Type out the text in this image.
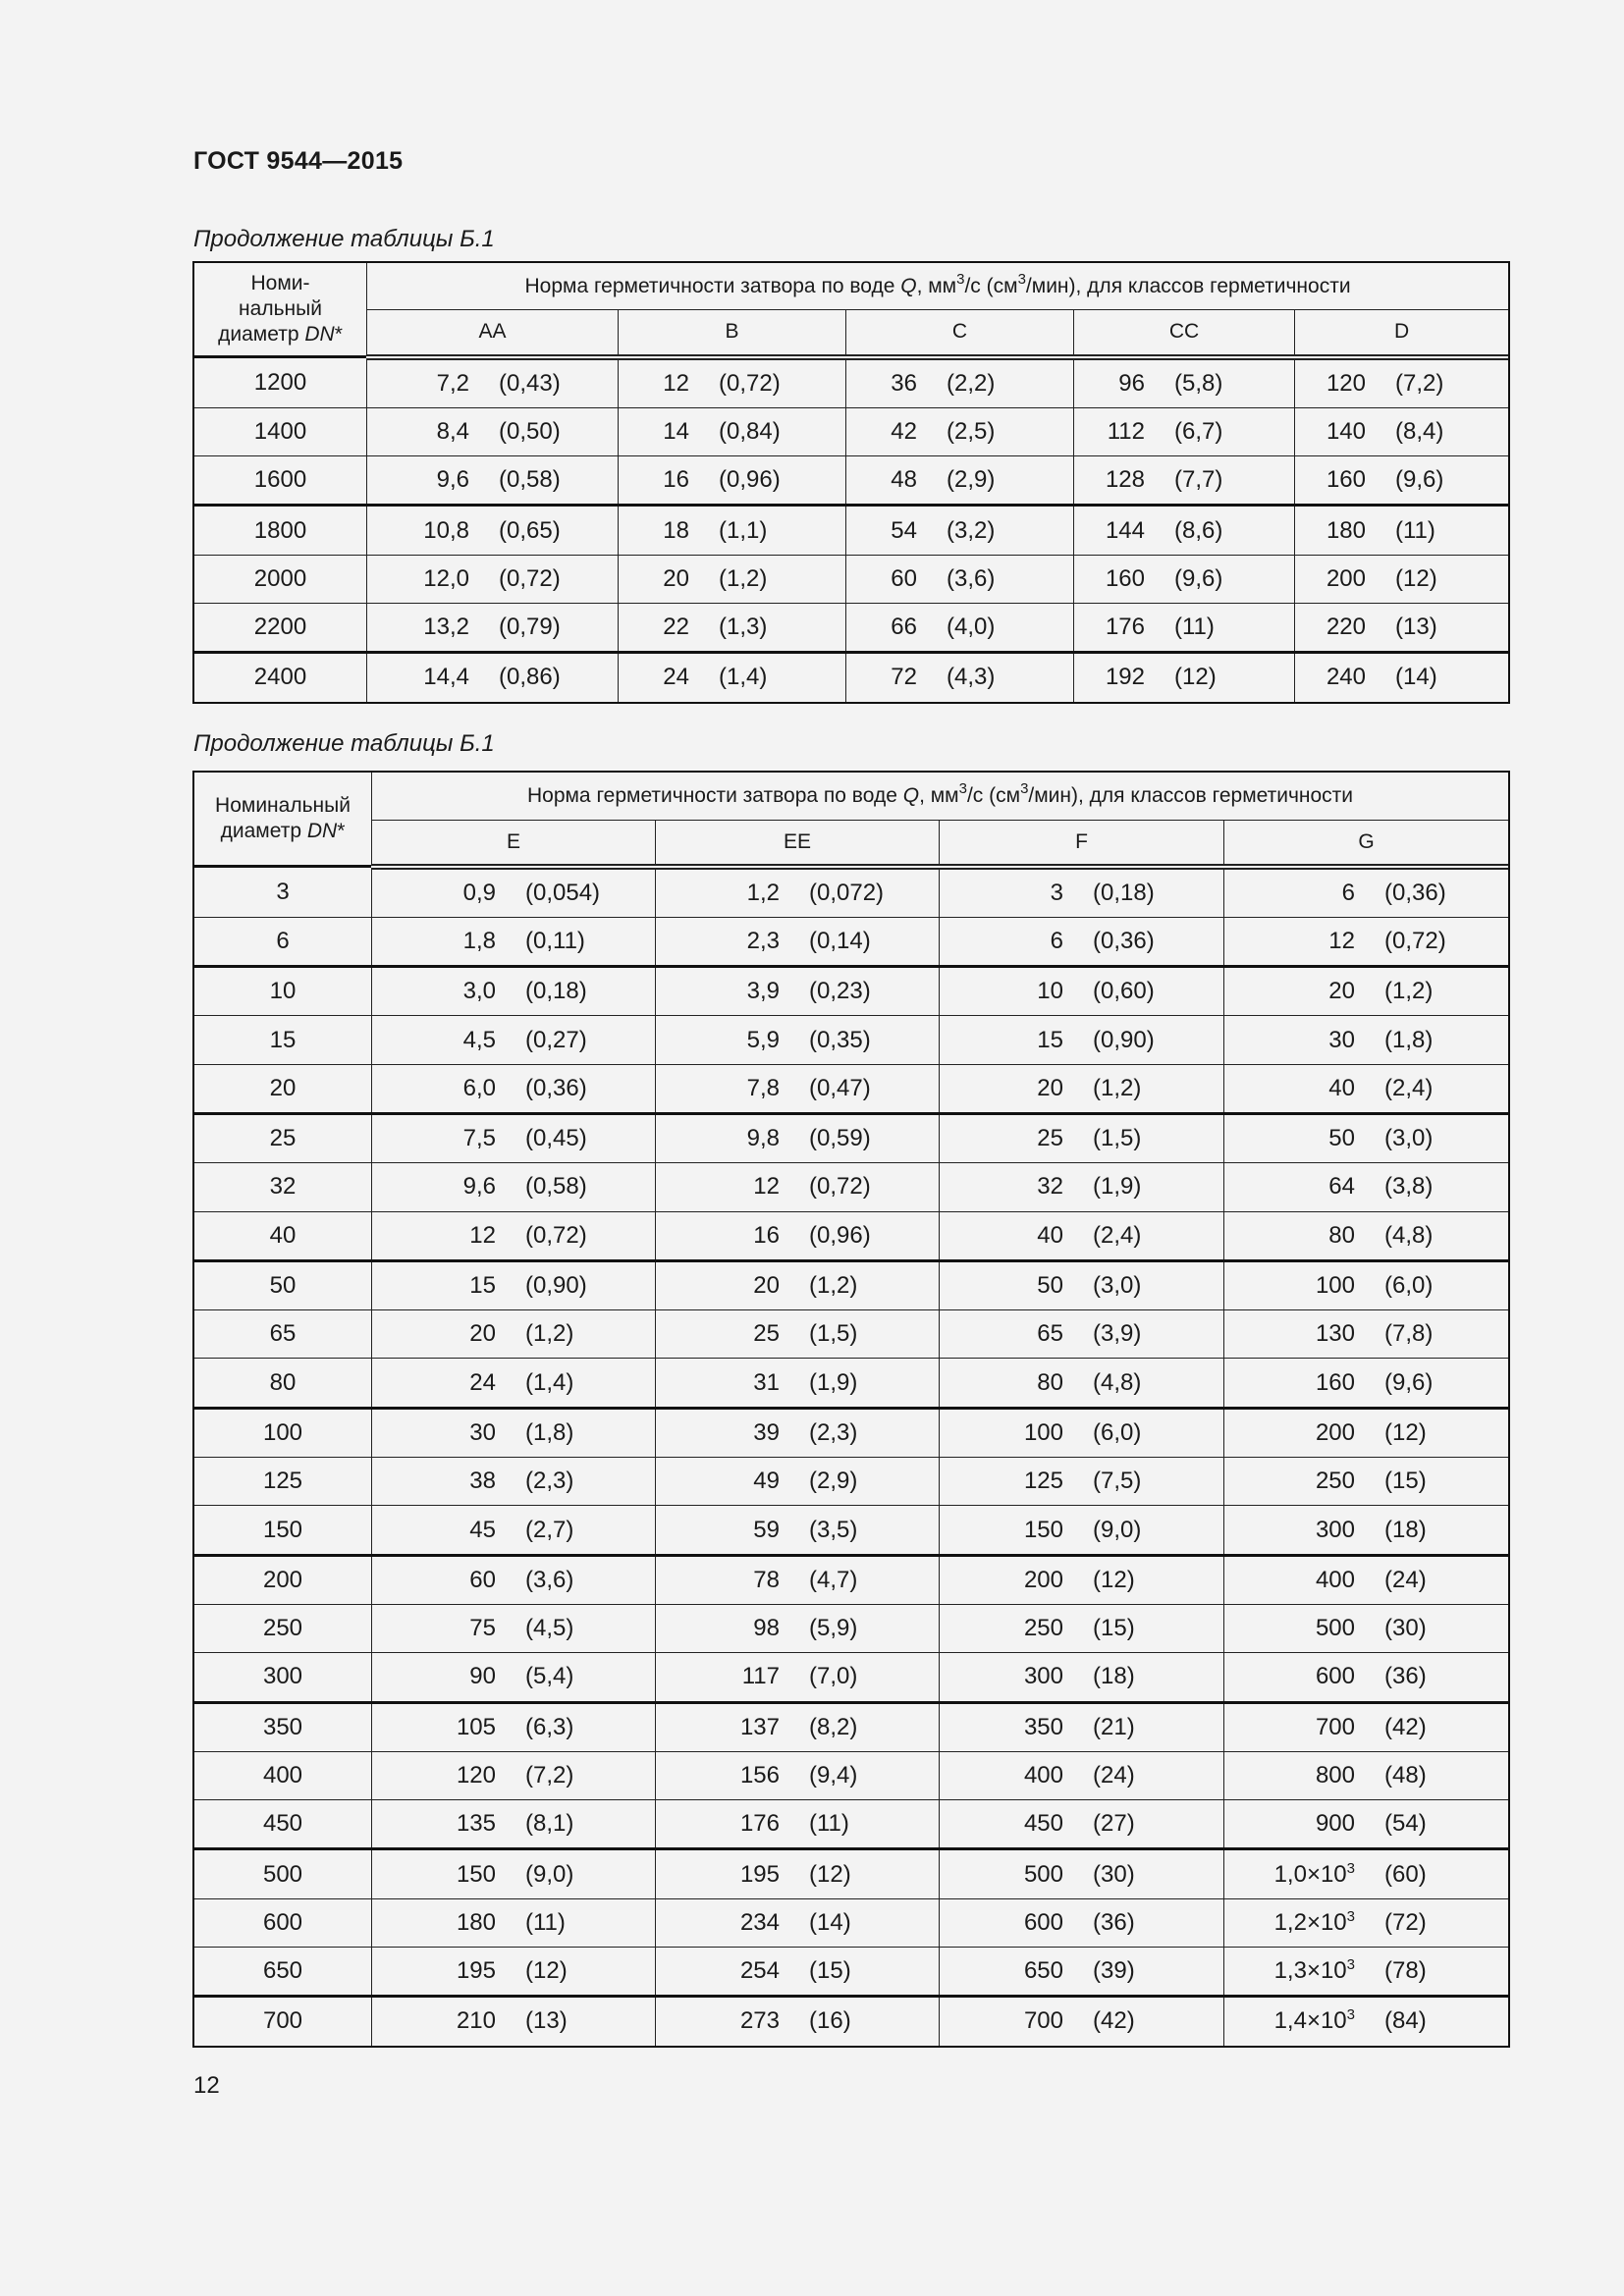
ГОСТ 9544—2015
Продолжение таблицы Б.1
Номи-
нальный
диаметр DN*	Норма герметичности затвора по воде Q, $мм^3/с$ $(см^3/мин)$, для классов герметичности				
	AA	B	C	CC	D
1200	7,2 (0,43)	12 (0,72)	36 (2,2)	96 (5,8)	120 (7,2)

1400	8,4 (0,50)	14 (0,84)	42 (2,5)	112 (6,7)	140 (8,4)

1600	9,6 (0,58)	16 (0,96)	48 (2,9)	128 (7,7)	160 (9,6)

1800	10,8 (0,65)	18 (1,1)	54 (3,2)	144 (8,6)	180 (11)

2000	12,0 (0,72)	20 (1,2)	60 (3,6)	160 (9,6)	200 (12)

2200	13,2 (0,79)	22 (1,3)	66 (4,0)	176 (11)	220 (13)

2400	14,4 (0,86)	24 (1,4)	72 (4,3)	192 (12)	240 (14)
Продолжение таблицы Б.1
Номинальный
диаметр DN*	Норма герметичности затвора по воде Q, $мм^3/с$ $(см^3/мин)$, для классов герметичности			
	E	EE	F	G
3	0,9 (0,054)	1,2 (0,072)	3 (0,18)	6 (0,36)

6	1,8 (0,11)	2,3 (0,14)	6 (0,36)	12 (0,72)

10	3,0 (0,18)	3,9 (0,23)	10 (0,60)	20 (1,2)

15	4,5 (0,27)	5,9 (0,35)	15 (0,90)	30 (1,8)

20	6,0 (0,36)	7,8 (0,47)	20 (1,2)	40 (2,4)

25	7,5 (0,45)	9,8 (0,59)	25 (1,5)	50 (3,0)

32	9,6 (0,58)	12 (0,72)	32 (1,9)	64 (3,8)

40	12 (0,72)	16 (0,96)	40 (2,4)	80 (4,8)

50	15 (0,90)	20 (1,2)	50 (3,0)	100 (6,0)

65	20 (1,2)	25 (1,5)	65 (3,9)	130 (7,8)

80	24 (1,4)	31 (1,9)	80 (4,8)	160 (9,6)

100	30 (1,8)	39 (2,3)	100 (6,0)	200 (12)

125	38 (2,3)	49 (2,9)	125 (7,5)	250 (15)

150	45 (2,7)	59 (3,5)	150 (9,0)	300 (18)

200	60 (3,6)	78 (4,7)	200 (12)	400 (24)

250	75 (4,5)	98 (5,9)	250 (15)	500 (30)

300	90 (5,4)	117 (7,0)	300 (18)	600 (36)

350	105 (6,3)	137 (8,2)	350 (21)	700 (42)

400	120 (7,2)	156 (9,4)	400 (24)	800 (48)

450	135 (8,1)	176 (11)	450 (27)	900 (54)

500	150 (9,0)	195 (12)	500 (30)	$1,0\times 10^3$ (60)

600	180 (11)	234 (14)	600 (36)	$1,2\times 10^3$ (72)

650	195 (12)	254 (15)	650 (39)	$1,3\times 10^3$ (78)

700	210 (13)	273 (16)	700 (42)	$1,4\times 10^3$ (84)
12
